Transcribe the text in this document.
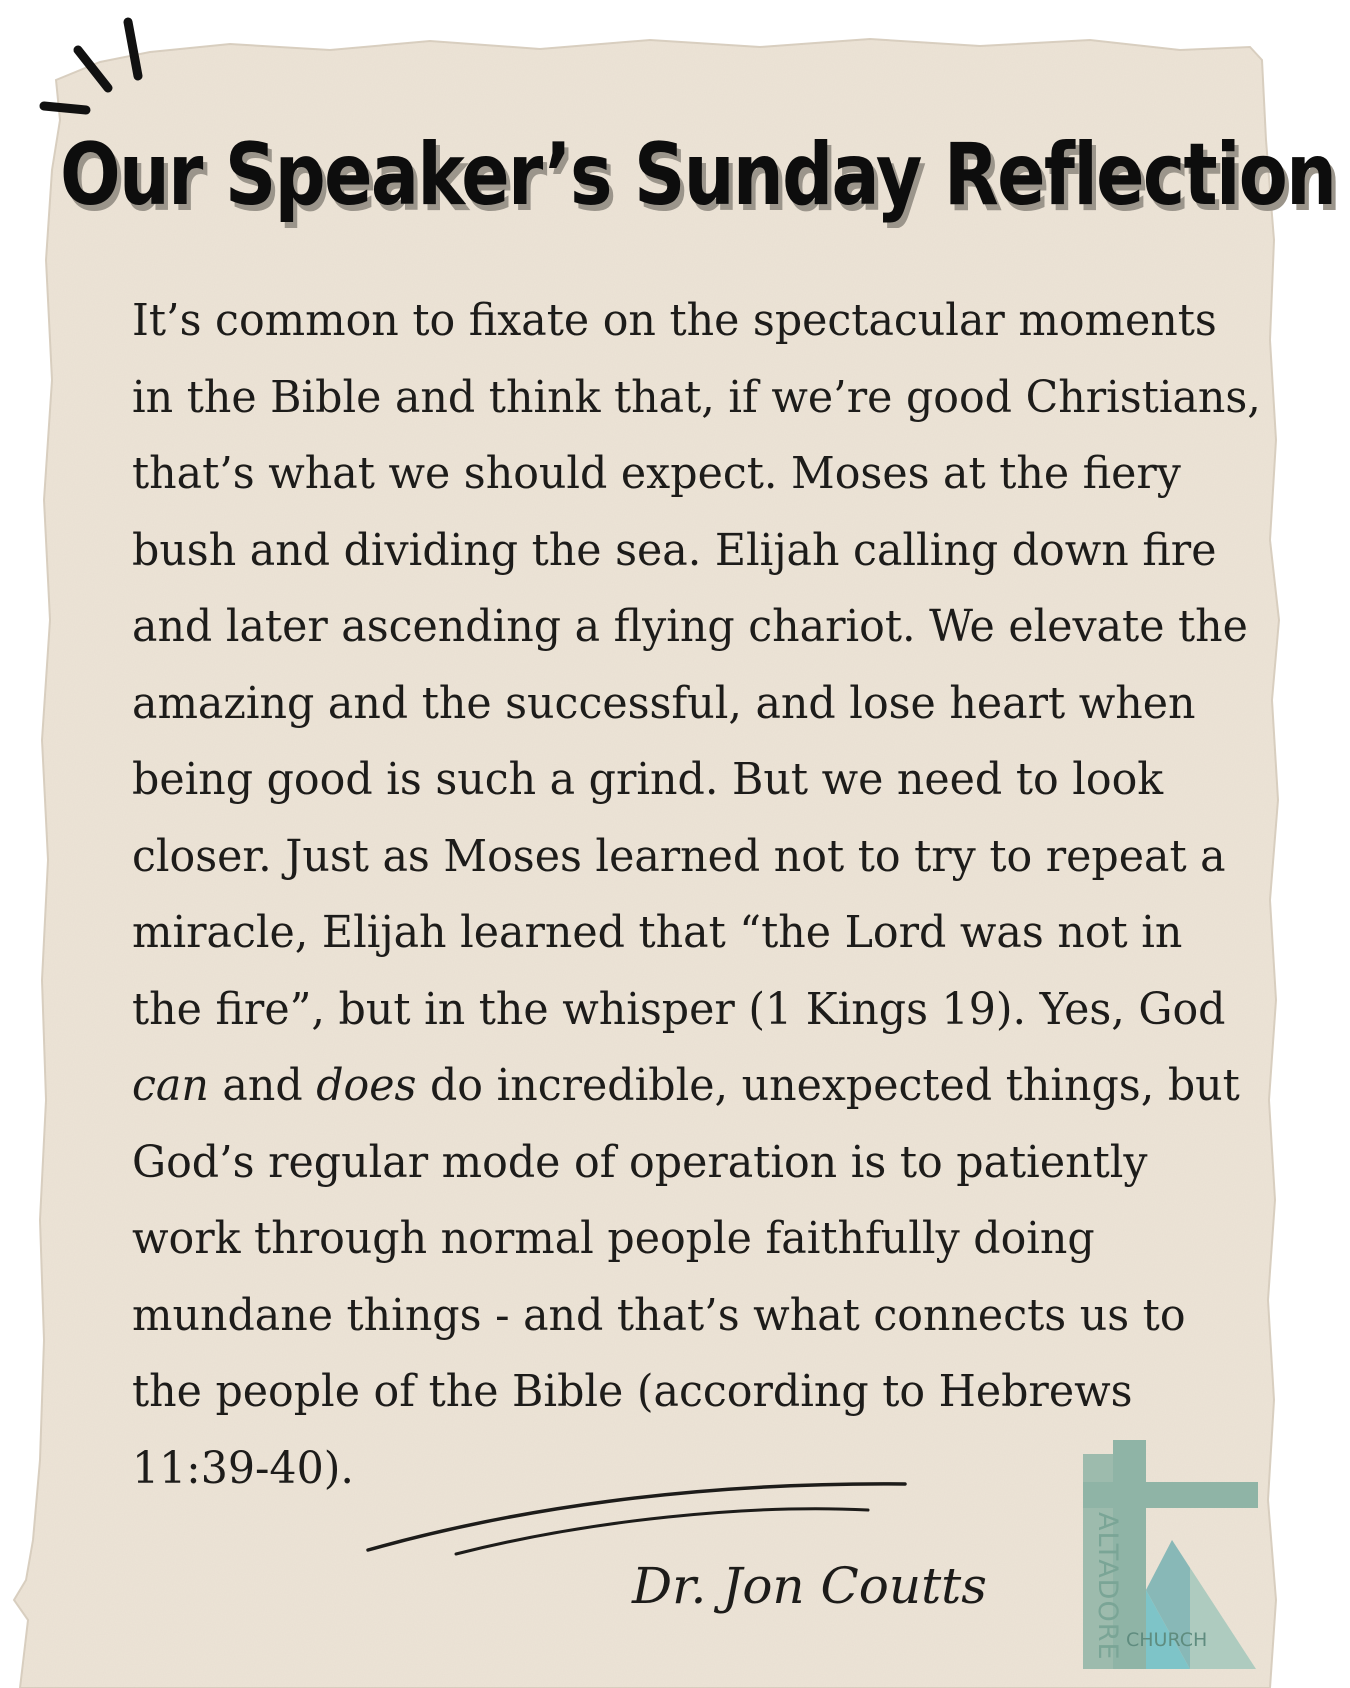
Our Speaker’s Sunday Reflection
It’s common to fixate on the spectacular moments
in the Bible and think that, if we’re good Christians,
that’s what we should expect. Moses at the fiery
bush and dividing the sea. Elijah calling down fire
and later ascending a flying chariot. We elevate the
amazing and the successful, and lose heart when
being good is such a grind. But we need to look
closer. Just as Moses learned not to try to repeat a
miracle, Elijah learned that “the Lord was not in
the fire”, but in the whisper (1 Kings 19). Yes, God
can and does do incredible, unexpected things, but
God’s regular mode of operation is to patiently
work through normal people faithfully doing
mundane things - and that’s what connects us to
the people of the Bible (according to Hebrews
11:39-40).

Dr. Jon Coutts	ALTADORE CHURCH
